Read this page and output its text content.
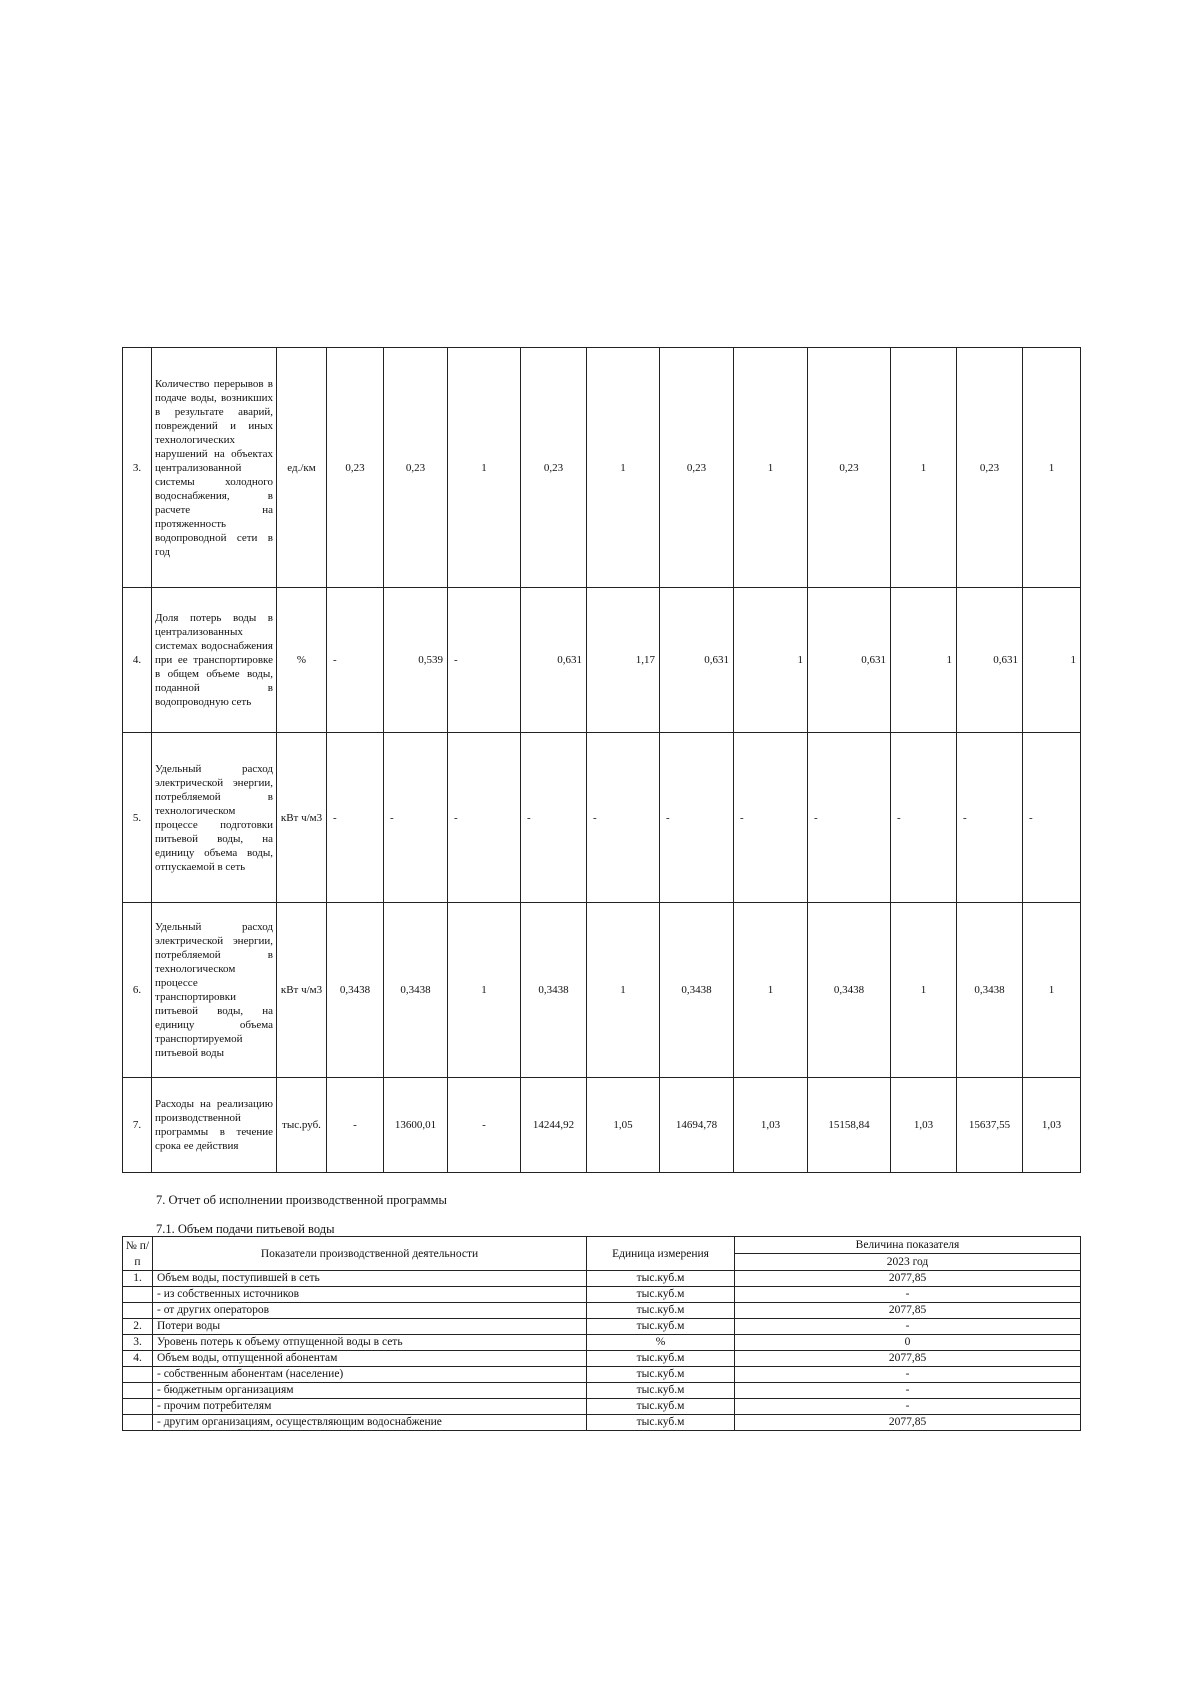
3.	Количество перерывов в подаче воды, возникших в результате аварий, повреждений и иных технологических нарушений на объектах централизованной системы холодного водоснабжения, в расчете на протяженность водопроводной сети в год	ед./км	0,23	0,23	1	0,23	1	0,23	1	0,23	1	0,23	1	
4.	Доля потерь воды в централизованных системах водоснабжения при ее транспортировке в общем объеме воды, поданной в водопроводную сеть	%	-	0,539	-	0,631	1,17	0,631	1	0,631	1	0,631	1	
5.	Удельный расход электрической энергии, потребляемой в технологическом процессе подготовки питьевой воды, на единицу объема воды, отпускаемой в сеть	кВт ч/м3	-	-	-	-	-	-	-	-	-	-	-	
6.	Удельный расход электрической энергии, потребляемой в технологическом процессе транспортировки питьевой воды, на единицу объема транспортируемой питьевой воды	кВт ч/м3	0,3438	0,3438	1	0,3438	1	0,3438	1	0,3438	1	0,3438	1	
7.	Расходы на реализацию производственной программы в течение срока ее действия	тыс.руб.	-	13600,01	-	14244,92	1,05	14694,78	1,03	15158,84	1,03	15637,55	1,03	
7. Отчет об исполнении производственной программы
7.1. Объем подачи питьевой воды
№ п/п	Показатели производственной деятельности	Единица измерения	Величина показателя
			2023 год
1.	Объем воды, поступившей в сеть	тыс.куб.м	2077,85
	- из собственных источников	тыс.куб.м	-
	- от других операторов	тыс.куб.м	2077,85
2.	Потери воды	тыс.куб.м	-
3.	Уровень потерь к объему отпущенной воды в сеть	%	0
4.	Объем воды, отпущенной абонентам	тыс.куб.м	2077,85
	- собственным абонентам (население)	тыс.куб.м	-
	- бюджетным организациям	тыс.куб.м	-
	- прочим потребителям	тыс.куб.м	-
	- другим организациям, осуществляющим водоснабжение	тыс.куб.м	2077,85
